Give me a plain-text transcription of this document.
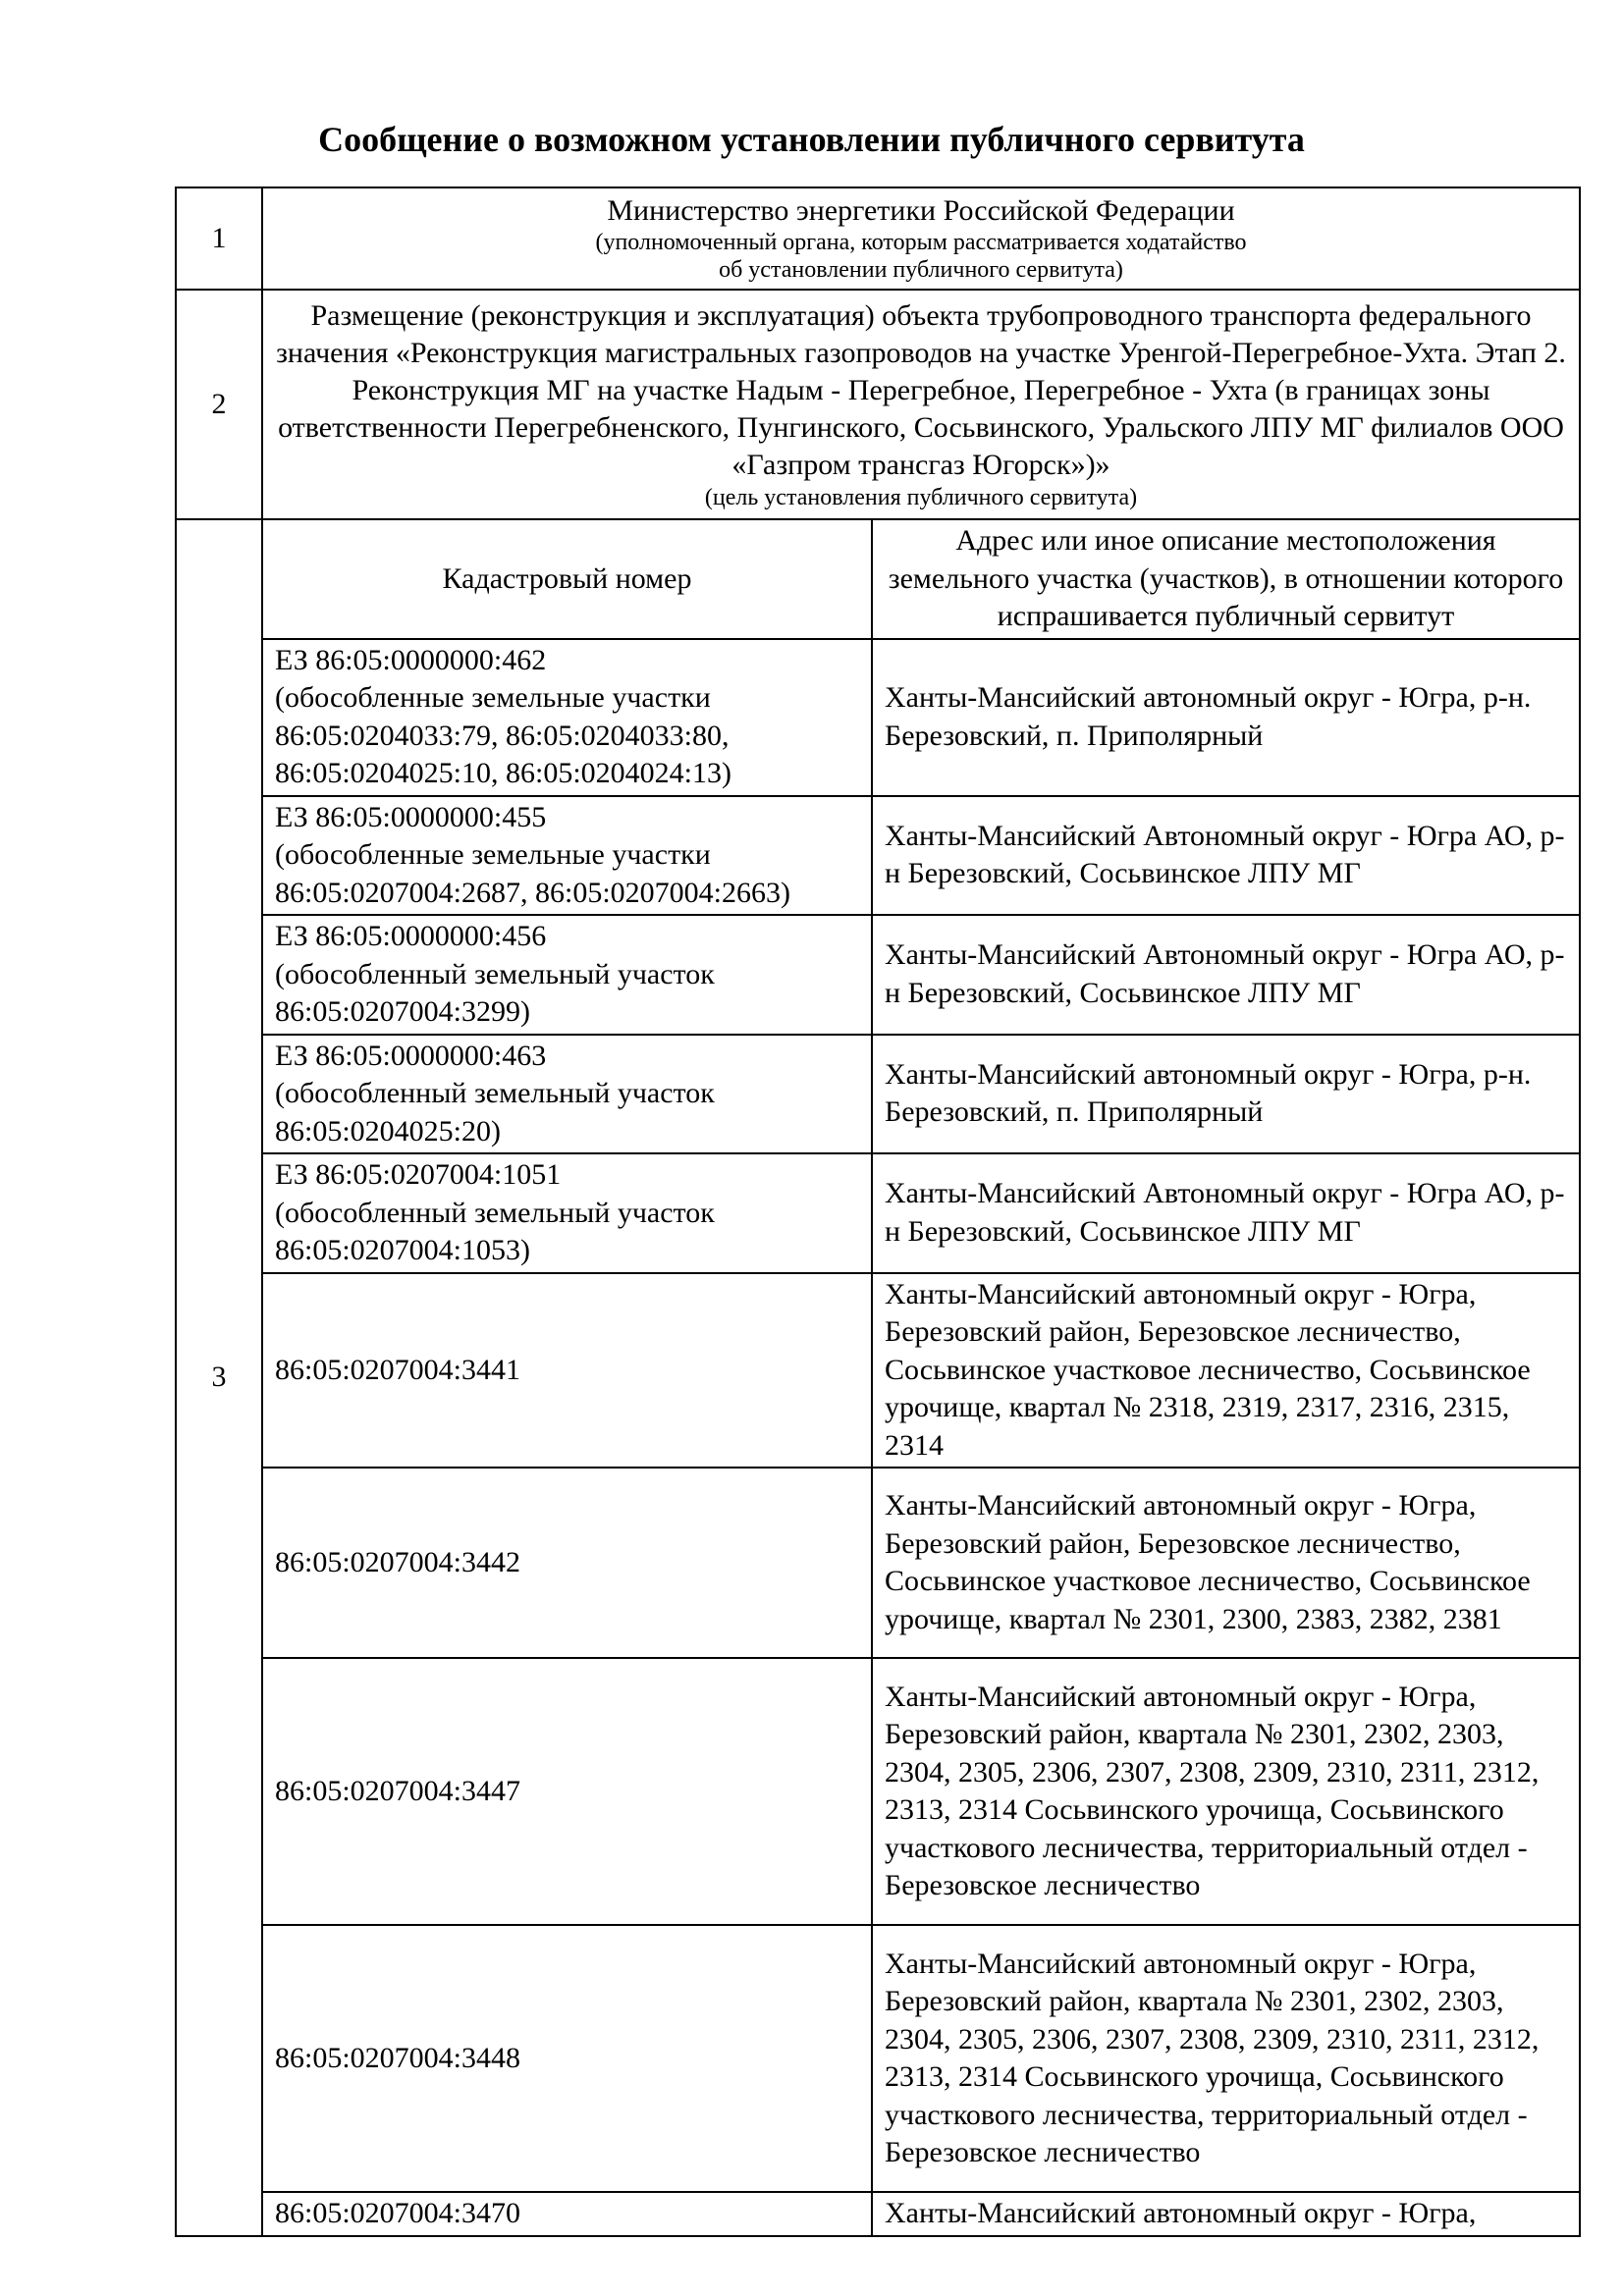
Сообщение о возможном установлении публичного сервитута
1	
Министерство энергетики Российской Федерации
(уполномоченный органа, которым рассматривается ходатайство
об установлении публичного сервитута)

2	
Размещение (реконструкция и эксплуатация) объекта трубопроводного транспорта федерального значения «Реконструкция магистральных газопроводов на участке Уренгой-Перегребное-Ухта. Этап 2. Реконструкция МГ на участке Надым - Перегребное, Перегребное - Ухта (в границах зоны ответственности Перегребненского, Пунгинского, Сосьвинского, Уральского ЛПУ МГ филиалов ООО «Газпром трансгаз Югорск»)»
(цель установления публичного сервитута)

3	
Кадастровый номер	Адрес или иное описание местоположения земельного участка (участков), в отношении которого испрашивается публичный сервитут
ЕЗ 86:05:0000000:462
(обособленные земельные участки
86:05:0204033:79, 86:05:0204033:80,
86:05:0204025:10, 86:05:0204024:13)	Ханты-Мансийский автономный округ - Югра, р-н. Березовский, п. Приполярный
ЕЗ 86:05:0000000:455
(обособленные земельные участки
86:05:0207004:2687, 86:05:0207004:2663)	Ханты-Мансийский Автономный округ - Югра АО, р-н Березовский, Сосьвинское ЛПУ МГ
ЕЗ 86:05:0000000:456
(обособленный земельный участок
86:05:0207004:3299)	Ханты-Мансийский Автономный округ - Югра АО, р-н Березовский, Сосьвинское ЛПУ МГ
ЕЗ 86:05:0000000:463
(обособленный земельный участок
86:05:0204025:20)	Ханты-Мансийский автономный округ - Югра, р-н. Березовский, п. Приполярный
ЕЗ 86:05:0207004:1051
(обособленный земельный участок
86:05:0207004:1053)	Ханты-Мансийский Автономный округ - Югра АО, р-н Березовский, Сосьвинское ЛПУ МГ
86:05:0207004:3441	Ханты-Мансийский автономный округ - Югра, Березовский район, Березовское лесничество, Сосьвинское участковое лесничество, Сосьвинское урочище, квартал № 2318, 2319, 2317, 2316, 2315, 2314
86:05:0207004:3442	Ханты-Мансийский автономный округ - Югра, Березовский район, Березовское лесничество, Сосьвинское участковое лесничество, Сосьвинское урочище, квартал № 2301, 2300, 2383, 2382, 2381
86:05:0207004:3447	Ханты-Мансийский автономный округ - Югра, Березовский район, квартала № 2301, 2302, 2303, 2304, 2305, 2306, 2307, 2308, 2309, 2310, 2311, 2312, 2313, 2314 Сосьвинского урочища, Сосьвинского участкового лесничества, территориальный отдел - Березовское лесничество
86:05:0207004:3448	Ханты-Мансийский автономный округ - Югра, Березовский район, квартала № 2301, 2302, 2303, 2304, 2305, 2306, 2307, 2308, 2309, 2310, 2311, 2312, 2313, 2314 Сосьвинского урочища, Сосьвинского участкового лесничества, территориальный отдел - Березовское лесничество
86:05:0207004:3470	Ханты-Мансийский автономный округ - Югра,
